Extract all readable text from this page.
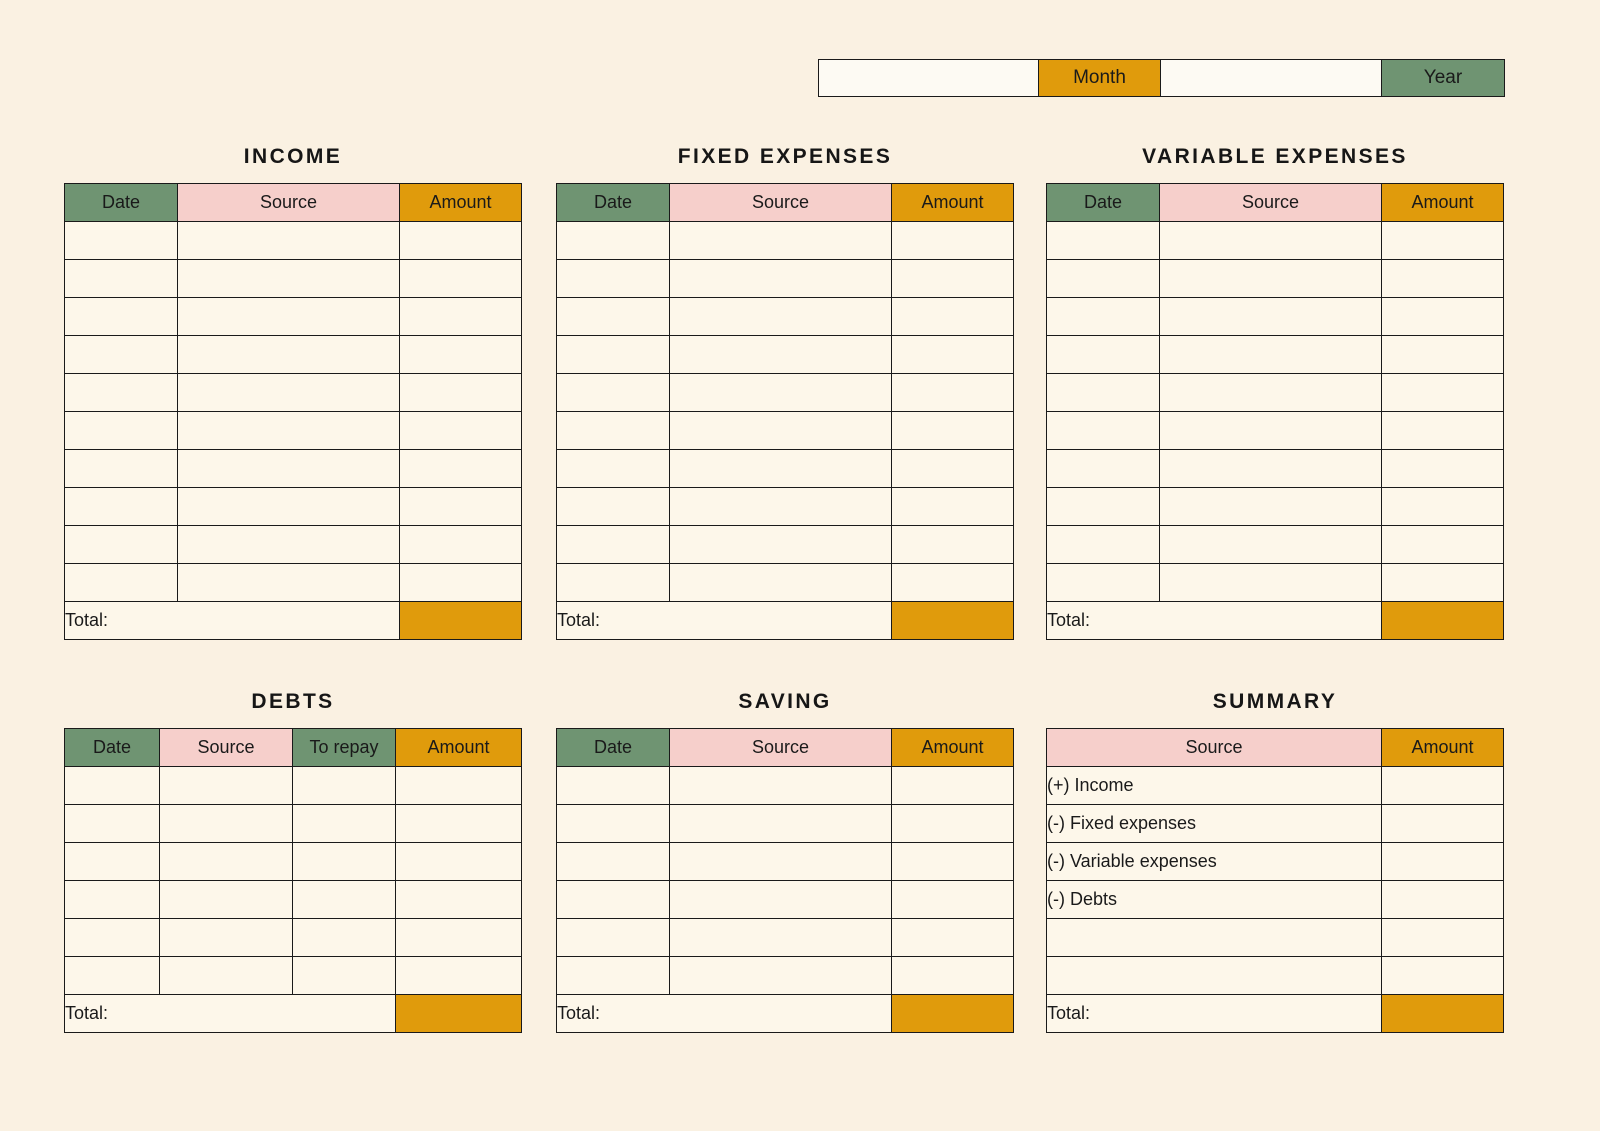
Month	Year
INCOME
Date	Source	Amount

Total:		
FIXED EXPENSES
Date	Source	Amount

Total:		
VARIABLE EXPENSES
Date	Source	Amount

Total:		
DEBTS
Date	Source	To repay	Amount

Total:			
SAVING
Date	Source	Amount

Total:		
SUMMARY
Source	Amount
(+) Income	
(-) Fixed expenses	
(-) Variable expenses	
(-) Debts	

Total:	
